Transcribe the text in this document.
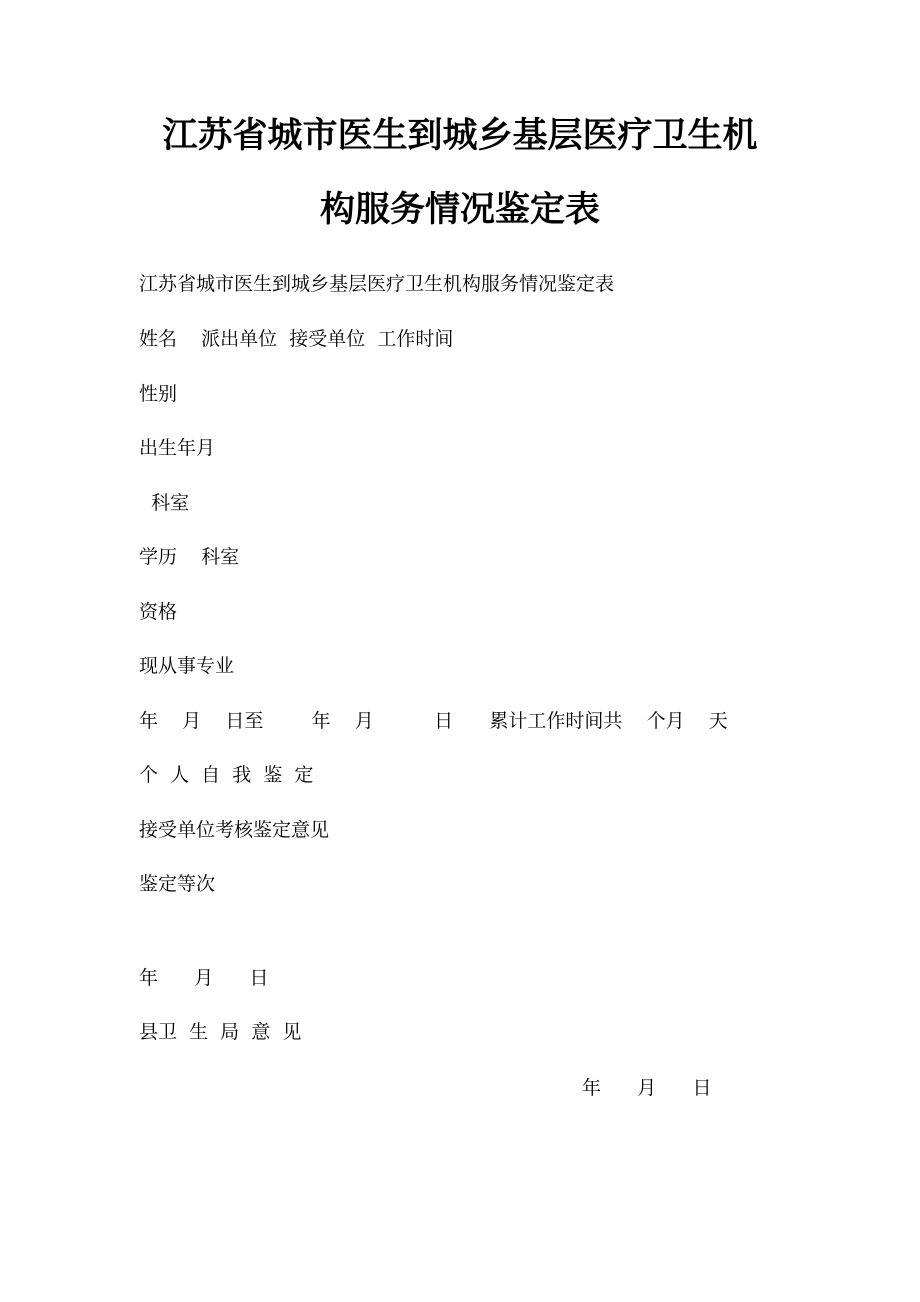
江苏省城市医生到城乡基层医疗卫生机
构服务情况鉴定表
江苏省城市医生到城乡基层医疗卫生机构服务情况鉴定表
姓名    派出单位  接受单位  工作时间
性别
出生年月
科室
学历    科室
资格
现从事专业
年    月    日至        年    月          日      累计工作时间共    个月    天
个  人  自  我  鉴  定
接受单位考核鉴定意见
鉴定等次
年      月      日
县卫  生  局  意  见
年      月      日
